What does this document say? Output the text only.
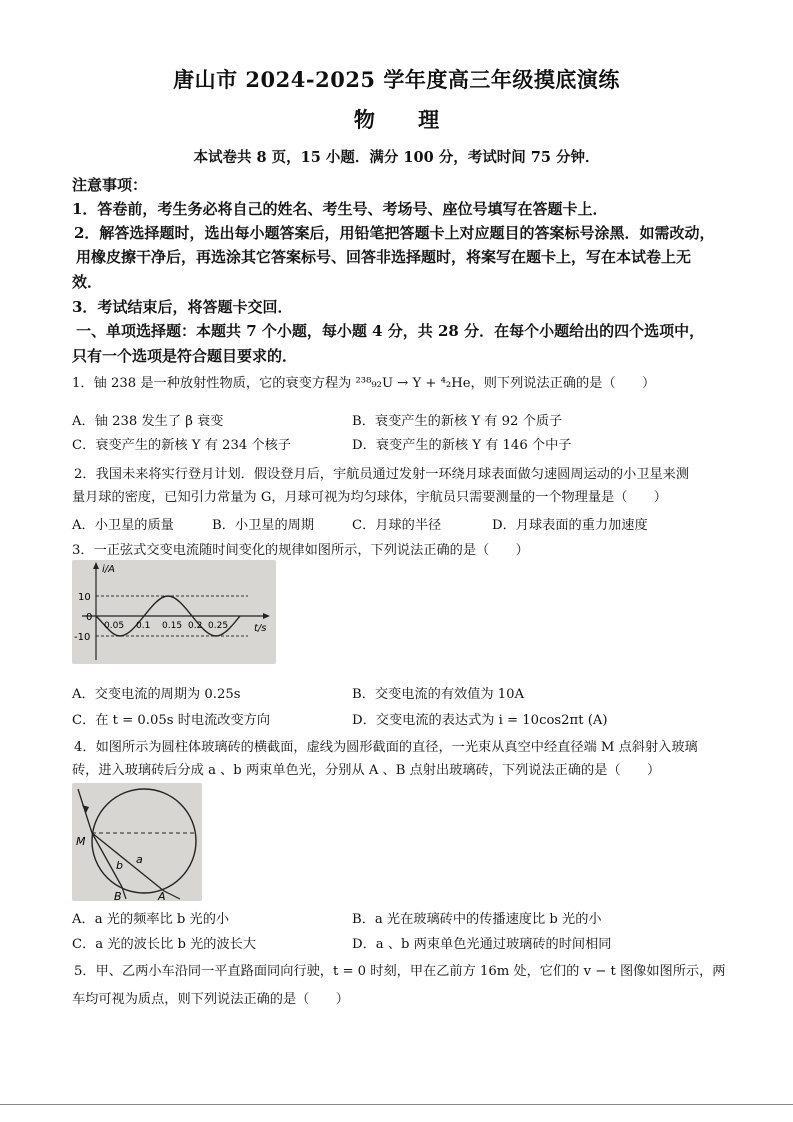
唐山市 2024-2025 学年度高三年级摸底演练
物 理
本试卷共 8 页，15 小题．满分 100 分，考试时间 75 分钟．
注意事项：
1．答卷前，考生务必将自己的姓名、考生号、考场号、座位号填写在答题卡上．
2．解答选择题时，选出每小题答案后，用铅笔把答题卡上对应题目的答案标号涂黑．如需改动，
用橡皮擦干净后，再选涂其它答案标号、回答非选择题时，将案写在题卡上，写在本试卷上无
效．
3．考试结束后，将答题卡交回．
一、单项选择题：本题共 7 个小题，每小题 4 分，共 28 分．在每个小题给出的四个选项中，
只有一个选项是符合题目要求的．
1．铀 238 是一种放射性物质，它的衰变方程为 ²³⁸₉₂U → Y + ⁴₂He，则下列说法正确的是（　　）
A．铀 238 发生了 β 衰变	B．衰变产生的新核 Y 有 92 个质子
C．衰变产生的新核 Y 有 234 个核子	D．衰变产生的新核 Y 有 146 个中子
2．我国未来将实行登月计划．假设登月后，宇航员通过发射一环绕月球表面做匀速圆周运动的小卫星来测
量月球的密度，已知引力常量为 G，月球可视为均匀球体，宇航员只需要测量的一个物理量是（　　）
A．小卫星的质量	B．小卫星的周期	C．月球的半径	D．月球表面的重力加速度
3．一正弦式交变电流随时间变化的规律如图所示，下列说法正确的是（　　）
i/A
t/s
10
0
-10
0.05 0.1 0.15 0.2 0.25
A．交变电流的周期为 0.25s	B．交变电流的有效值为 10A
C．在 t = 0.05s 时电流改变方向	D．交变电流的表达式为 i = 10cos2πt (A)
4．如图所示为圆柱体玻璃砖的横截面，虚线为圆形截面的直径，一光束从真空中经直径端 M 点斜射入玻璃
砖，进入玻璃砖后分成 a 、b 两束单色光，分别从 A 、B 点射出玻璃砖，下列说法正确的是（　　）
M
a
b
A
B
A．a 光的频率比 b 光的小	B．a 光在玻璃砖中的传播速度比 b 光的小
C．a 光的波长比 b 光的波长大	D．a 、b 两束单色光通过玻璃砖的时间相同
5．甲、乙两小车沿同一平直路面同向行驶，t = 0 时刻，甲在乙前方 16m 处，它们的 v − t 图像如图所示，两
车均可视为质点，则下列说法正确的是（　　）
